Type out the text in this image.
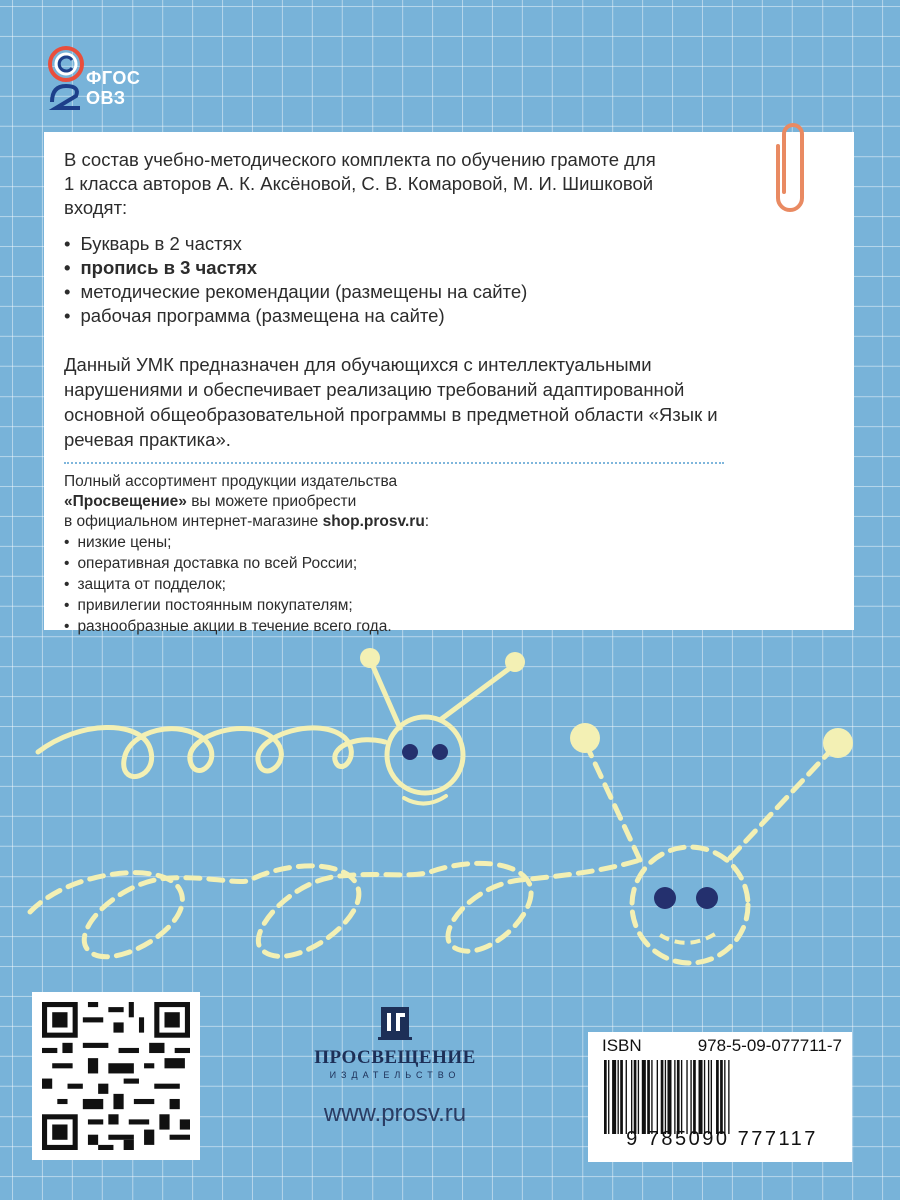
ФГОС
ОВЗ

В состав учебно-методического комплекта по обучению грамоте для 1 класса авторов А. К. Аксёновой, С. В. Комаровой, М. И. Шишковой входят:

• Букварь в 2 частях
• пропись в 3 частях
• методические рекомендации (размещены на сайте)
• рабочая программа (размещена на сайте)

Данный УМК предназначен для обучающихся с интеллектуальными нарушениями и обеспечивает реализацию требований адаптированной основной общеобразовательной программы в предметной области «Язык и речевая практика».

Полный ассортимент продукции издательства
«Просвещение» вы можете приобрести
в официальном интернет-магазине shop.prosv.ru:

• низкие цены;
• оперативная доставка по всей России;
• защита от подделок;
• привилегии постоянным покупателям;
• разнообразные акции в течение всего года.
ПРОСВЕЩЕНИЕ
ИЗДАТЕЛЬСТВО
www.prosv.ru
ISBN	978-5-09-077711-7
9 785090 777117
